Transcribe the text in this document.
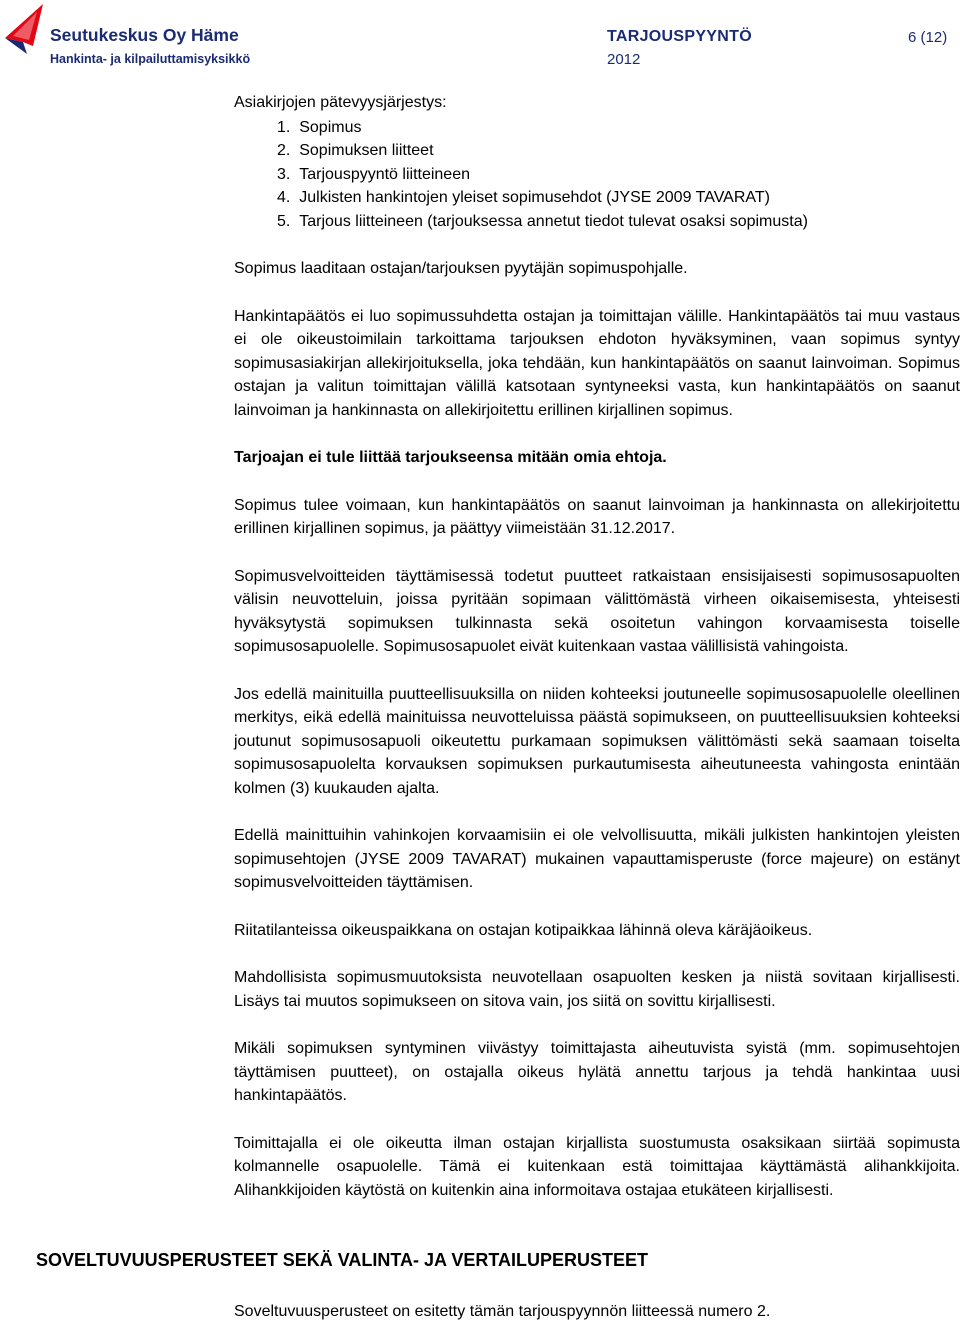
Seutukeskus Oy Häme
Hankinta- ja kilpailuttamisyksikkö
TARJOUSPYYNTÖ
2012
6 (12)

Asiakirjojen pätevyysjärjestys:

1.  Sopimus
2.  Sopimuksen liitteet
3.  Tarjouspyyntö liitteineen
4.  Julkisten hankintojen yleiset sopimusehdot (JYSE 2009 TAVARAT)
5.  Tarjous liitteineen (tarjouksessa annetut tiedot tulevat osaksi sopimusta)

Sopimus laaditaan ostajan/tarjouksen pyytäjän sopimuspohjalle.

Hankintapäätös ei luo sopimussuhdetta ostajan ja toimittajan välille. Hankintapäätös tai muu vastaus ei ole oikeustoimilain tarkoittama tarjouksen ehdoton hyväksyminen, vaan sopimus syntyy sopimusasiakirjan allekirjoituksella, joka tehdään, kun hankintapäätös on saanut lainvoiman. Sopimus ostajan ja valitun toimittajan välillä katsotaan syntyneeksi vasta, kun hankintapäätös on saanut lainvoiman ja hankinnasta on allekirjoitettu erillinen kirjallinen sopimus.

Tarjoajan ei tule liittää tarjoukseensa mitään omia ehtoja.

Sopimus tulee voimaan, kun hankintapäätös on saanut lainvoiman ja hankinnasta on allekirjoitettu erillinen kirjallinen sopimus, ja päättyy viimeistään 31.12.2017.

Sopimusvelvoitteiden täyttämisessä todetut puutteet ratkaistaan ensisijaisesti sopimusosapuolten välisin neuvotteluin, joissa pyritään sopimaan välittömästä virheen oikaisemisesta, yhteisesti hyväksytystä sopimuksen tulkinnasta sekä osoitetun vahingon korvaamisesta toiselle sopimusosapuolelle. Sopimusosapuolet eivät kuitenkaan vastaa välillisistä vahingoista.

Jos edellä mainituilla puutteellisuuksilla on niiden kohteeksi joutuneelle sopimusosapuolelle oleellinen merkitys, eikä edellä mainituissa neuvotteluissa päästä sopimukseen, on puutteellisuuksien kohteeksi joutunut sopimusosapuoli oikeutettu purkamaan sopimuksen välittömästi sekä saamaan toiselta sopimusosapuolelta korvauksen sopimuksen purkautumisesta aiheutuneesta vahingosta enintään kolmen (3) kuukauden ajalta.

Edellä mainittuihin vahinkojen korvaamisiin ei ole velvollisuutta, mikäli julkisten hankintojen yleisten sopimusehtojen (JYSE 2009 TAVARAT) mukainen vapauttamisperuste (force majeure) on estänyt sopimusvelvoitteiden täyttämisen.

Riitatilanteissa oikeuspaikkana on ostajan kotipaikkaa lähinnä oleva käräjäoikeus.

Mahdollisista sopimusmuutoksista neuvotellaan osapuolten kesken ja niistä sovitaan kirjallisesti. Lisäys tai muutos sopimukseen on sitova vain, jos siitä on sovittu kirjallisesti.

Mikäli sopimuksen syntyminen viivästyy toimittajasta aiheutuvista syistä (mm. sopimusehtojen täyttämisen puutteet), on ostajalla oikeus hylätä annettu tarjous ja tehdä hankintaa uusi hankintapäätös.

Toimittajalla ei ole oikeutta ilman ostajan kirjallista suostumusta osaksikaan siirtää sopimusta kolmannelle osapuolelle. Tämä ei kuitenkaan estä toimittajaa käyttämästä alihankkijoita. Alihankkijoiden käytöstä on kuitenkin aina informoitava ostajaa etukäteen kirjallisesti.

SOVELTUVUUSPERUSTEET SEKÄ VALINTA- JA VERTAILUPERUSTEET
Soveltuvuusperusteet on esitetty tämän tarjouspyynnön liitteessä numero 2.
